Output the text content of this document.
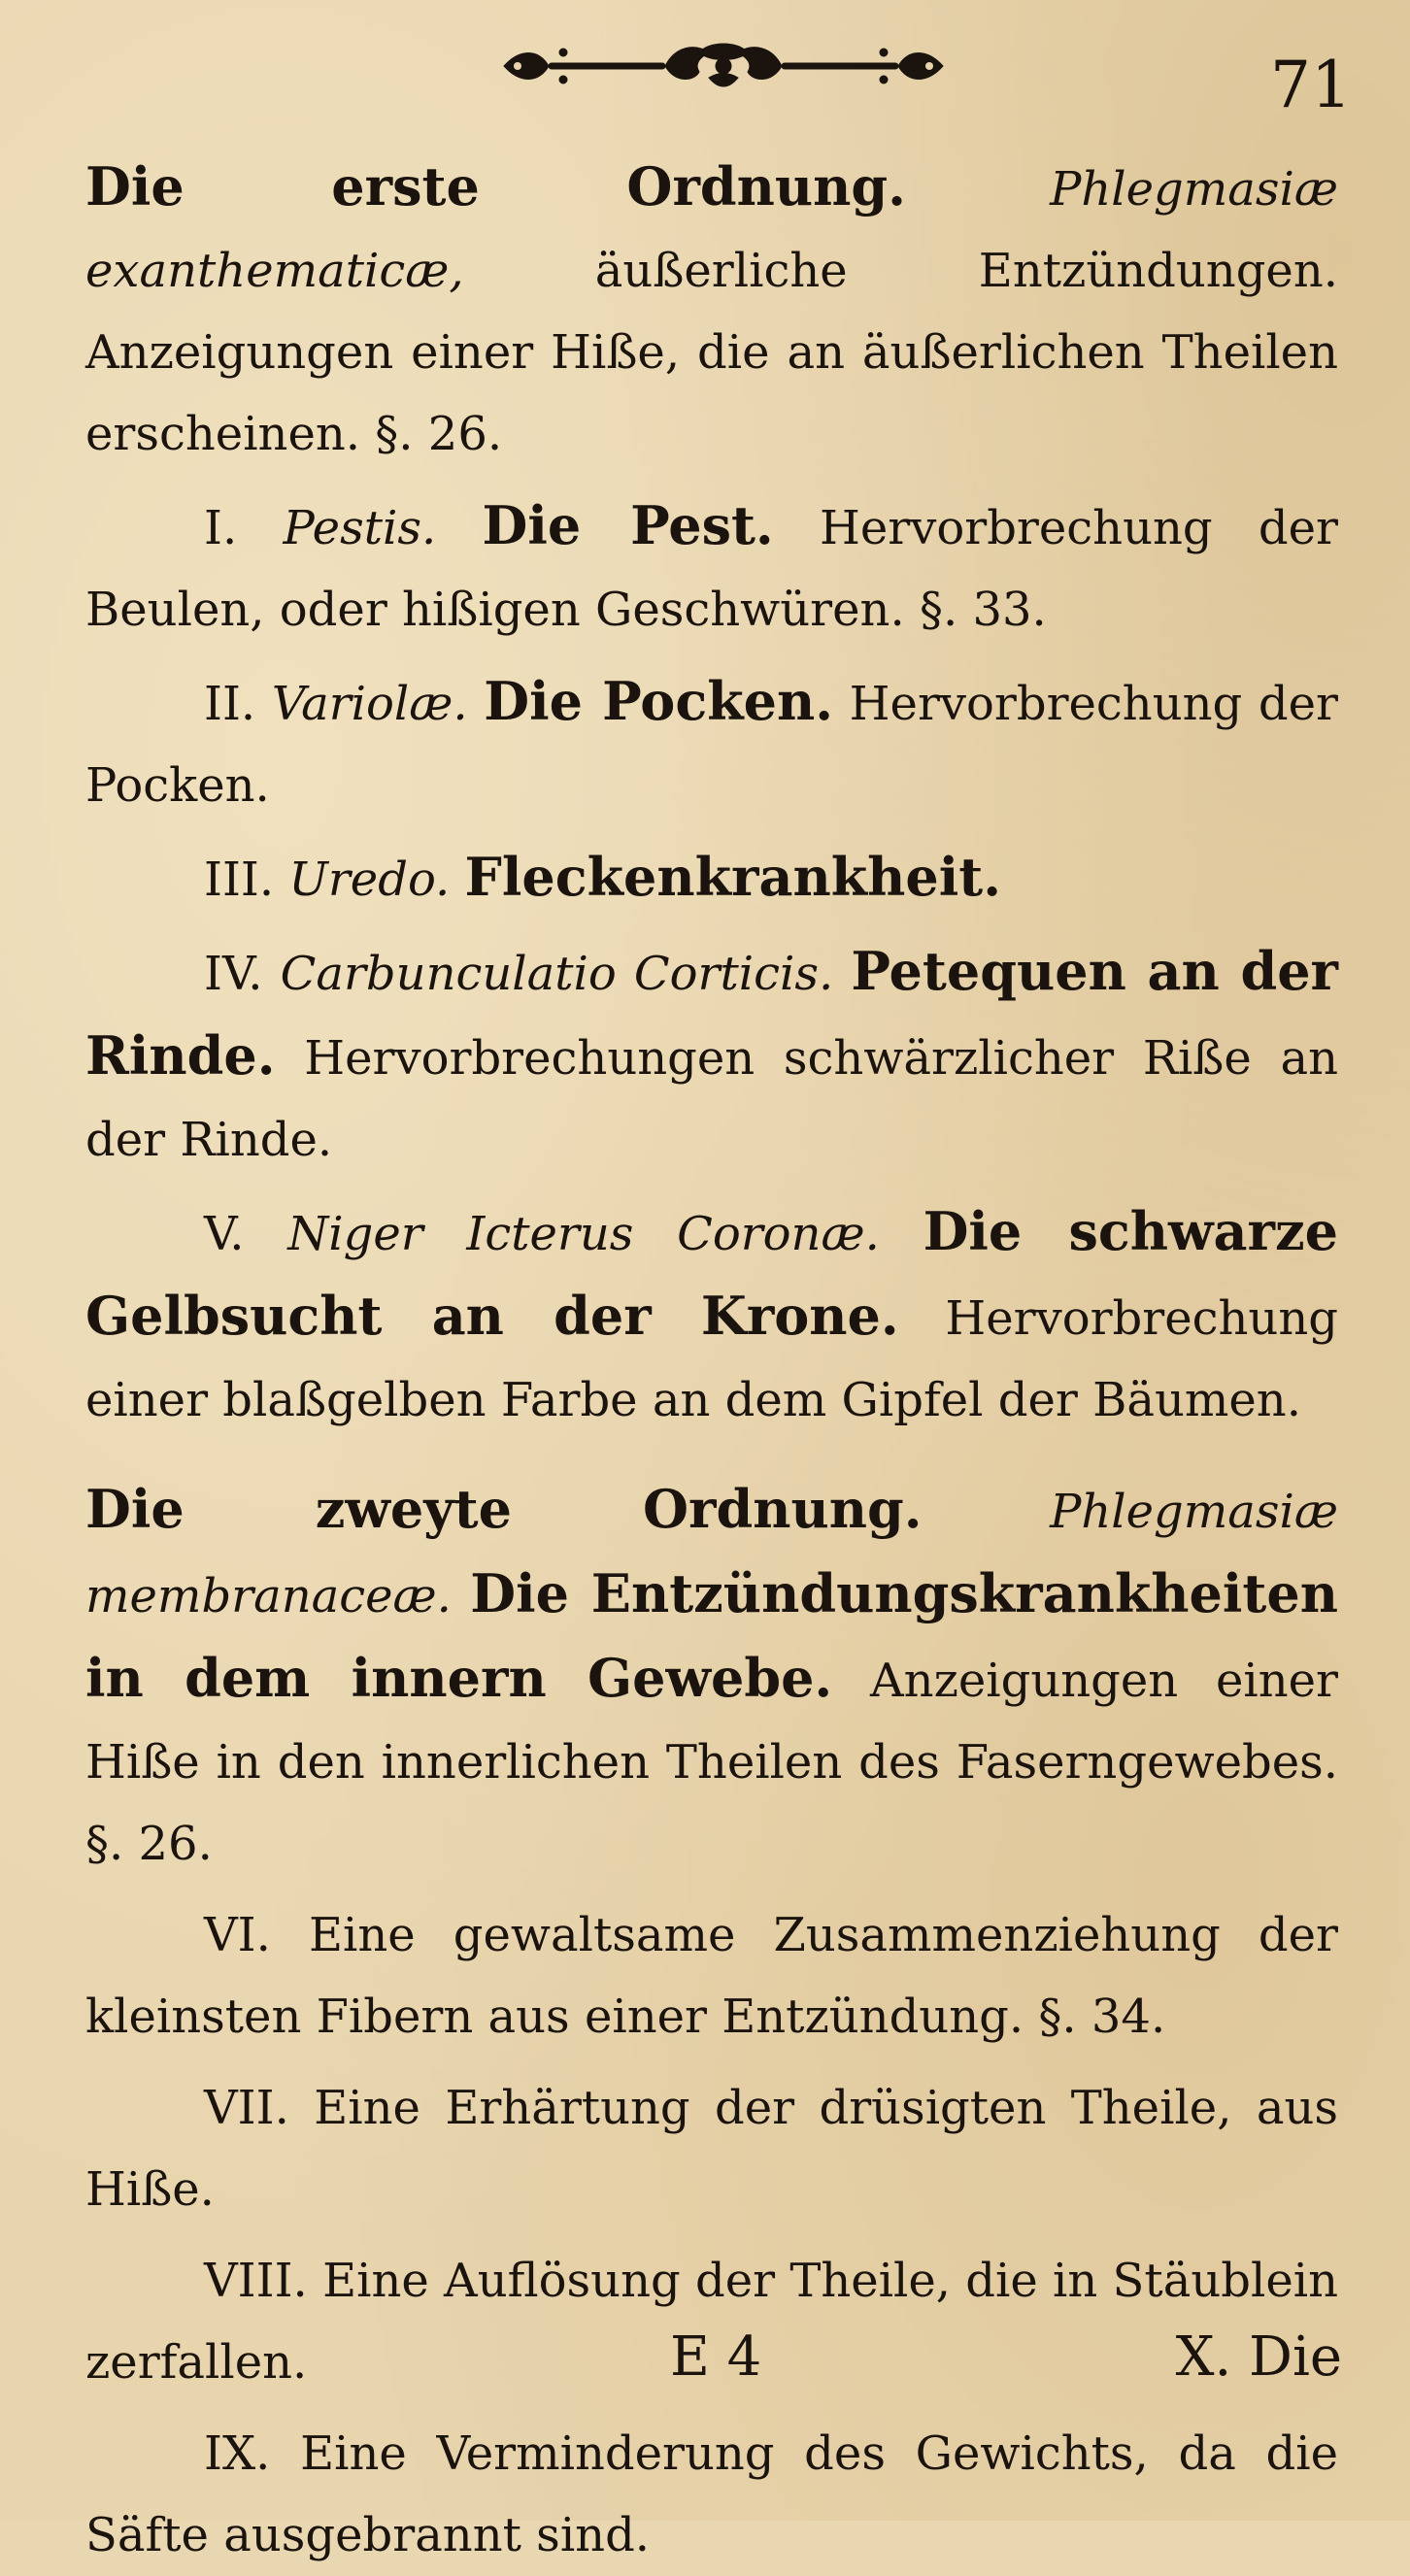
71

Die erste Ordnung.	Phlegmasiæ exanthematicæ,	äußerliche Entzündungen. Anzeigungen einer Hiße, die an äußerlichen Theilen erscheinen. §. 26.

I. Pestis. Die Pest. Hervorbrechung der Beulen, oder hißigen Geschwüren. §. 33.

II. Variolæ. Die Pocken. Hervorbrechung der Pocken.

III. Uredo. Fleckenkrankheit.

IV. Carbunculatio Corticis. Petequen an der Rinde. Hervorbrechungen schwärzlicher Riße an der Rinde.

V. Niger Icterus Coronæ. Die schwarze Gelbsucht an der Krone. Hervorbrechung einer blaßgelben Farbe an dem Gipfel der Bäumen.

Die zweyte Ordnung.	Phlegmasiæ membranaceæ. Die Entzündungskrankheiten in dem innern Gewebe. Anzeigungen einer Hiße in den innerlichen Theilen des Faserngewebes. §. 26.

VI. Eine gewaltsame Zusammenziehung der kleinsten Fibern aus einer Entzündung. §. 34.

VII. Eine Erhärtung der drüsigten Theile, aus Hiße.

VIII. Eine Auflösung der Theile, die in Stäublein zerfallen.

IX. Eine Verminderung des Gewichts, da die Säfte ausgebrannt sind.

E 4	X. Die
